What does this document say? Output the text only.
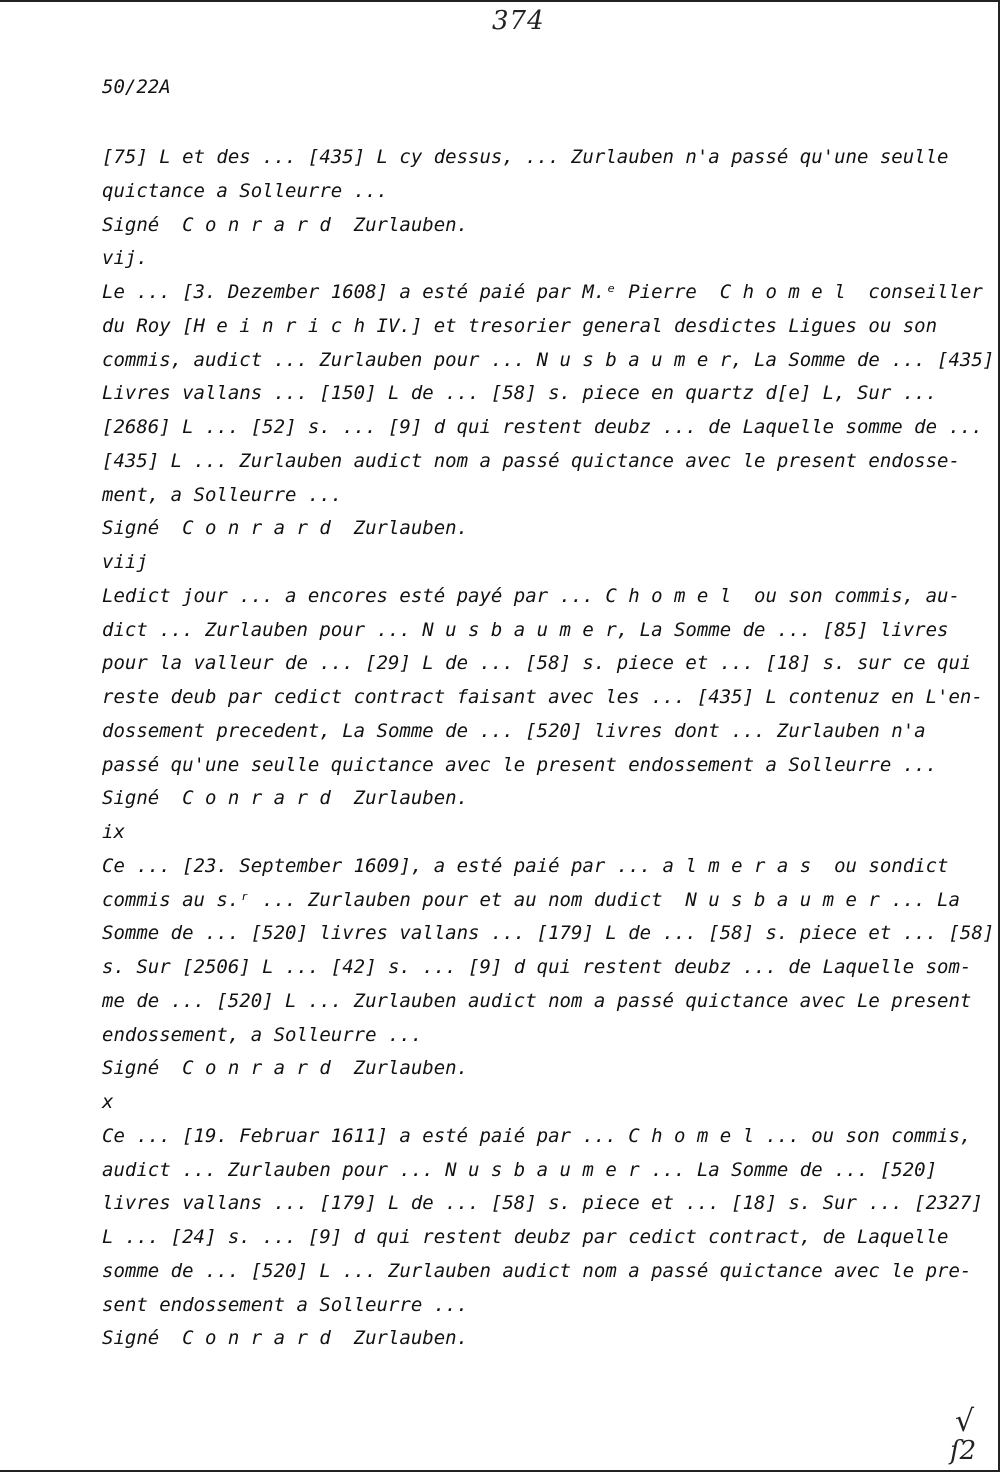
374
50/22A
[75] L et des ... [435] L cy dessus, ... Zurlauben n'a passé qu'une seulle
quictance a Solleurre ...
Signé  C o n r a r d  Zurlauben.
vij.
Le ... [3. Dezember 1608] a esté paié par M.ᵉ Pierre  C h o m e l  conseiller
du Roy [H e i n r i c h IV.] et tresorier general desdictes Ligues ou son
commis, audict ... Zurlauben pour ... N u s b a u m e r, La Somme de ... [435]
Livres vallans ... [150] L de ... [58] s. piece en quartz d[e] L, Sur ...
[2686] L ... [52] s. ... [9] d qui restent deubz ... de Laquelle somme de ...
[435] L ... Zurlauben audict nom a passé quictance avec le present endosse-
ment, a Solleurre ...
Signé  C o n r a r d  Zurlauben.
viij
Ledict jour ... a encores esté payé par ... C h o m e l  ou son commis, au-
dict ... Zurlauben pour ... N u s b a u m e r, La Somme de ... [85] livres
pour la valleur de ... [29] L de ... [58] s. piece et ... [18] s. sur ce qui
reste deub par cedict contract faisant avec les ... [435] L contenuz en L'en-
dossement precedent, La Somme de ... [520] livres dont ... Zurlauben n'a
passé qu'une seulle quictance avec le present endossement a Solleurre ...
Signé  C o n r a r d  Zurlauben.
ix
Ce ... [23. September 1609], a esté paié par ... a l m e r a s  ou sondict
commis au s.ʳ ... Zurlauben pour et au nom dudict  N u s b a u m e r ... La
Somme de ... [520] livres vallans ... [179] L de ... [58] s. piece et ... [58]
s. Sur [2506] L ... [42] s. ... [9] d qui restent deubz ... de Laquelle som-
me de ... [520] L ... Zurlauben audict nom a passé quictance avec Le present
endossement, a Solleurre ...
Signé  C o n r a r d  Zurlauben.
x
Ce ... [19. Februar 1611] a esté paié par ... C h o m e l ... ou son commis,
audict ... Zurlauben pour ... N u s b a u m e r ... La Somme de ... [520]
livres vallans ... [179] L de ... [58] s. piece et ... [18] s. Sur ... [2327]
L ... [24] s. ... [9] d qui restent deubz par cedict contract, de Laquelle
somme de ... [520] L ... Zurlauben audict nom a passé quictance avec le pre-
sent endossement a Solleurre ...
Signé  C o n r a r d  Zurlauben.
√
ſ2
